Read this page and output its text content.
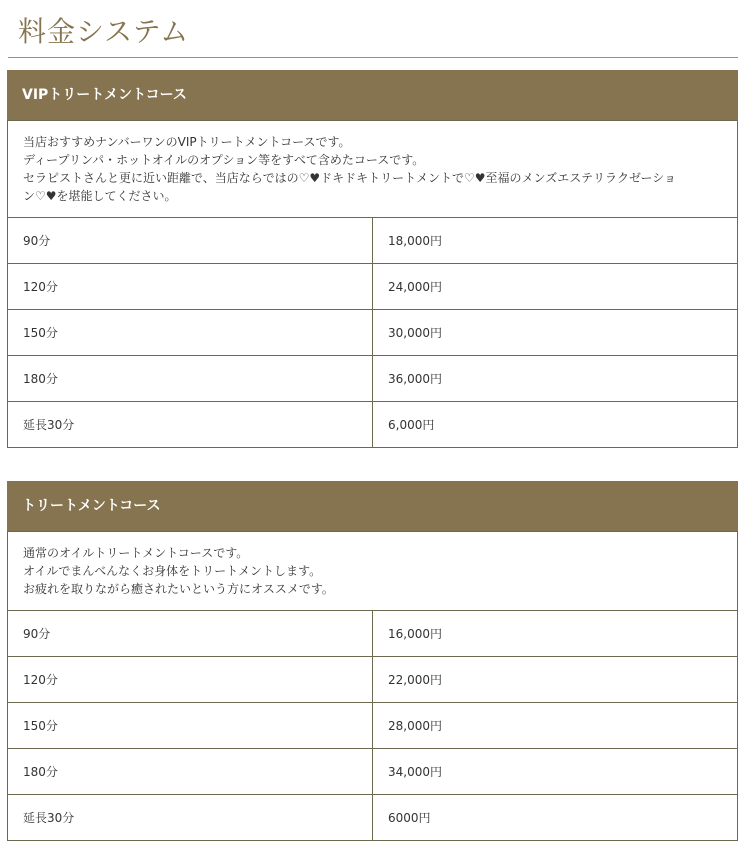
料金システム
VIPトリートメントコース
当店おすすめナンバーワンのVIPトリートメントコースです。
ディープリンパ・ホットオイルのオプション等をすべて含めたコースです。
セラピストさんと更に近い距離で、当店ならではの♡♥ドキドキトリートメントで♡♥至福のメンズエステリラクゼーショ
ン♡♥を堪能してください。	

90分	18,000円
120分	24,000円
150分	30,000円
180分	36,000円
延長30分	6,000円
トリートメントコース
通常のオイルトリートメントコースです。
オイルでまんべんなくお身体をトリートメントします。
お疲れを取りながら癒されたいという方にオススメです。	

90分	16,000円
120分	22,000円
150分	28,000円
180分	34,000円
延長30分	6000円
